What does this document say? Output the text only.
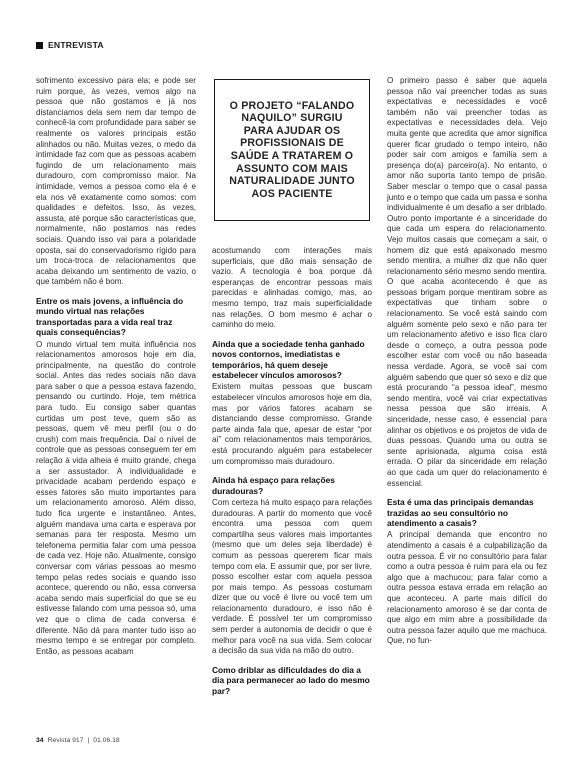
ENTREVISTA

sofrimento excessivo para ela; e pode ser ruim porque, às vezes, vemos algo na pessoa que não gostamos e já nos distanciamos dela sem nem dar tempo de conhecê-la com profundidade para saber se realmente os valores principais estão alinhados ou não. Muitas vezes, o medo da intimidade faz com que as pessoas acabem fugindo de um relacionamento mais duradouro, com compromisso maior. Na intimidade, vemos a pessoa como ela é e ela nos vê exatamente como somos: com qualidades e defeitos. Isso, às vezes, assusta, até porque são características que, normalmente, não postamos nas redes sociais. Quando isso vai para a polaridade oposta, sai do conservadorismo rígido para um troca-troca de relacionamentos que acaba deixando um sentimento de vazio, o que também não é bom.

Entre os mais jovens, a influência do mundo virtual nas relações transportadas para a vida real traz quais consequências?

O mundo virtual tem muita influência nos relacionamentos amorosos hoje em dia, principalmente, na questão do controle social. Antes das redes sociais não dava para saber o que a pessoa estava fazendo, pensando ou curtindo. Hoje, tem métrica para tudo. Eu consigo saber quantas curtidas um post teve, quem são as pessoas, quem vê meu perfil (ou o do crush) com mais frequência. Daí o nível de controle que as pessoas conseguem ter em relação à vida alheia é muito grande, chega a ser assustador. A individualidade e privacidade acabam perdendo espaço e esses fatores são muito importantes para um relacionamento amoroso. Além disso, tudo fica urgente e instantâneo. Antes, alguém mandava uma carta e esperava por semanas para ter resposta. Mesmo um telefonema permitia falar com uma pessoa de cada vez. Hoje não. Atualmente, consigo conversar com várias pessoas ao mesmo tempo pelas redes sociais e quando isso acontece, querendo ou não, essa conversa acaba sendo mais superficial do que se eu estivesse falando com uma pessoa só, uma vez que o clima de cada conversa é diferente. Não dá para manter tudo isso ao mesmo tempo e se entregar por completo. Então, as pessoas acabam

O PROJETO “FALANDO NAQUILO” SURGIU PARA AJUDAR OS PROFISSIONAIS DE SAÚDE A TRATAREM O ASSUNTO COM MAIS NATURALIDADE JUNTO AOS PACIENTE

acostumando com interações mais superficiais, que dão mais sensação de vazio. A tecnologia é boa porque dá esperanças de encontrar pessoas mais parecidas e alinhadas comigo, mas, ao mesmo tempo, traz mais superficialidade nas relações. O bom mesmo é achar o caminho do meio.

Ainda que a sociedade tenha ganhado novos contornos, imediatistas e temporários, há quem deseje estabelecer vínculos amorosos?

Existem muitas pessoas que buscam estabelecer vínculos amorosos hoje em dia, mas por vários fatores acabam se distanciando desse compromisso. Grande parte ainda fala que, apesar de estar “por aí” com relacionamentos mais temporários, está procurando alguém para estabelecer um compromisso mais duradouro.

Ainda há espaço para relações duradouras?

Com certeza há muito espaço para relações duradouras. A partir do momento que você encontra uma pessoa com quem compartilha seus valores mais importantes (mesmo que um deles seja liberdade) é comum as pessoas quererem ficar mais tempo com ela. E assumir que, por ser livre, posso escolher estar com aquela pessoa por mais tempo. As pessoas costumam dizer que ou você é livre ou você tem um relacionamento duradouro, e isso não é verdade. É possível ter um compromisso sem perder a autonomia de decidir o que é melhor para você na sua vida. Sem colocar a decisão da sua vida na mão do outro.

Como driblar as dificuldades do dia a dia para permanecer ao lado do mesmo par?

O primeiro passo é saber que aquela pessoa não vai preencher todas as suas expectativas e necessidades e você também não vai preencher todas as expectativas e necessidades dela. Vejo muita gente que acredita que amor significa querer ficar grudado o tempo inteiro, não poder sair com amigos e família sem a presença do(a) parceiro(a). No entanto, o amor não suporta tanto tempo de prisão. Saber mesclar o tempo que o casal passa junto e o tempo que cada um passa e sonha individualmente é um desafio a ser driblado. Outro ponto importante é a sinceridade do que cada um espera do relacionamento. Vejo muitos casais que começam a sair, o homem diz que está apaixonado mesmo sendo mentira, a mulher diz que não quer relacionamento sério mesmo sendo mentira. O que acaba acontecendo é que as pessoas brigam porque mentiram sobre as expectativas que tinham sobre o relacionamento. Se você está saindo com alguém somente pelo sexo e não para ter um relacionamento afetivo e isso fica claro desde o começo, a outra pessoa pode escolher estar com você ou não baseada nessa verdade. Agora, se você sai com alguém sabendo que quer só sexo e diz que está procurando “a pessoa ideal”, mesmo sendo mentira, você vai criar expectativas nessa pessoa que são irreais. A sinceridade, nesse caso, é essencial para alinhar os objetivos e os projetos de vida de duas pessoas. Quando uma ou outra se sente aprisionada, alguma coisa está errada. O pilar da sinceridade em relação ao que cada um quer do relacionamento é essencial.

Esta é uma das principais demandas trazidas ao seu consultório no atendimento a casais?

A principal demanda que encontro no atendimento a casais é a culpabilização da outra pessoa. É vir no consultório para falar como a outra pessoa é ruim para ela ou fez algo que a machucou; para falar como a outra pessoa estava errada em relação ao que aconteceu. A parte mais difícil do relacionamento amoroso é se dar conta de que algo em mim abre a possibilidade da outra pessoa fazer aquilo que me machuca. Que, no fun-

34 Revista 917 | 01.06.18
